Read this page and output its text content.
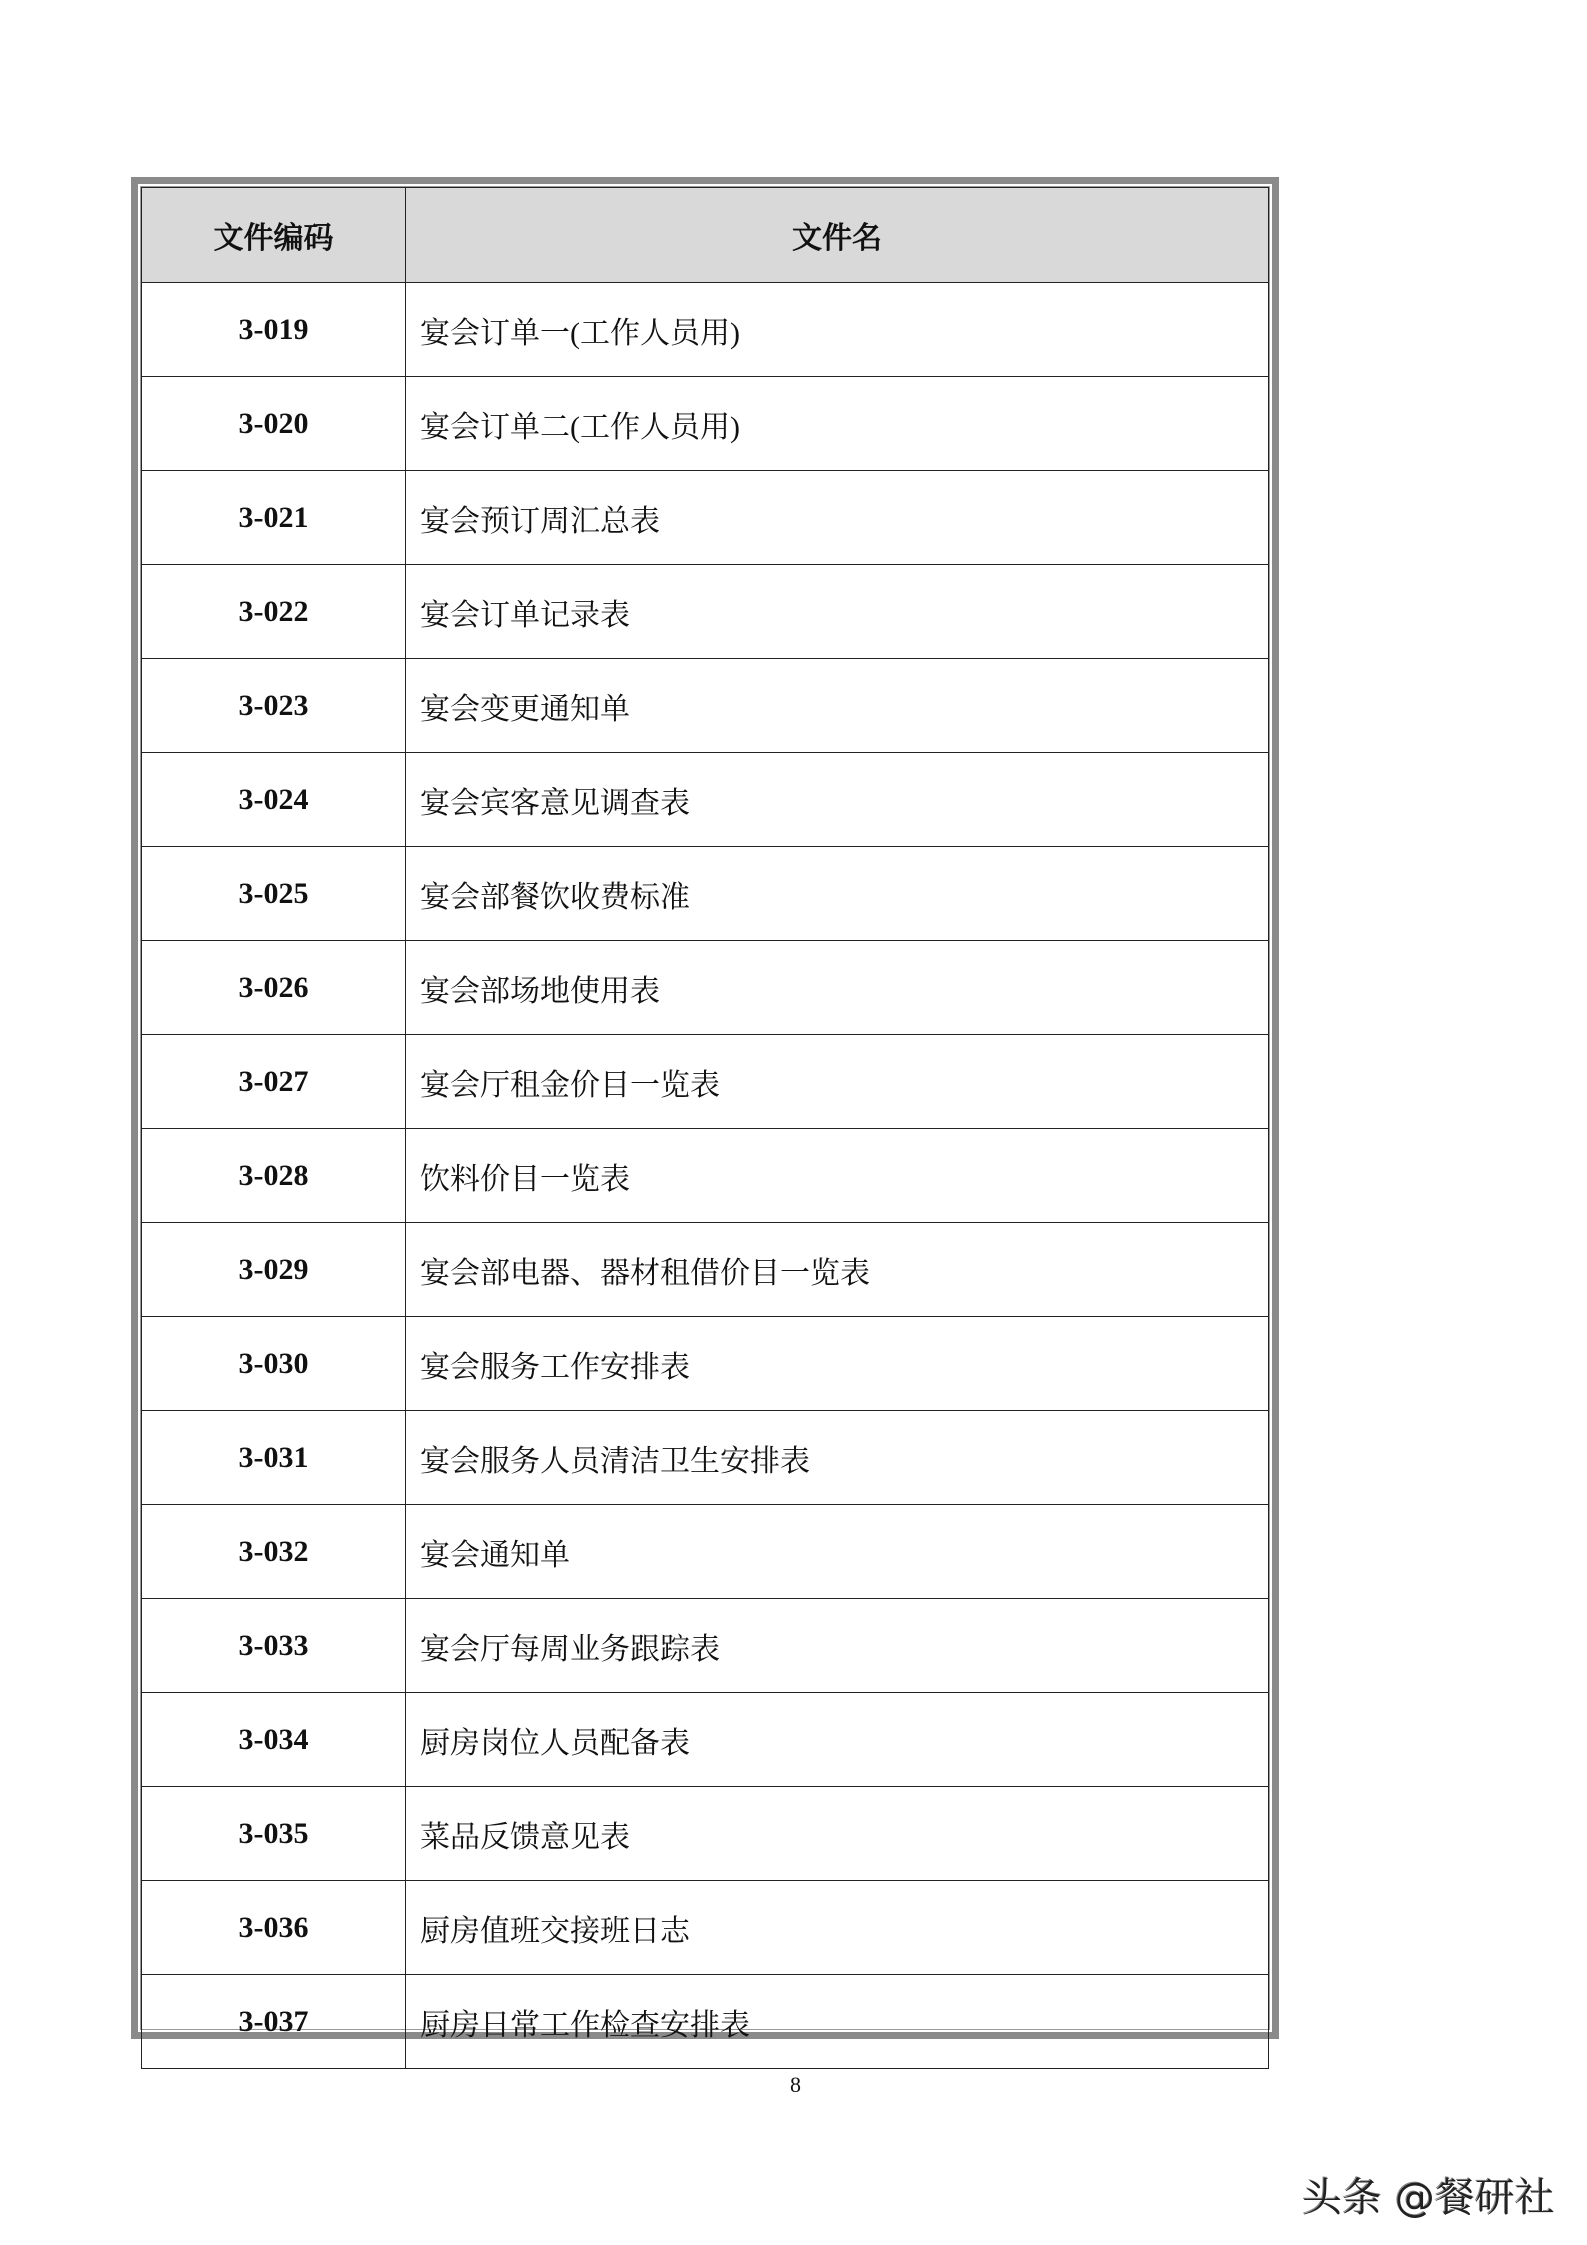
文件编码	文件名
3-019	宴会订单一(工作人员用)
3-020	宴会订单二(工作人员用)
3-021	宴会预订周汇总表
3-022	宴会订单记录表
3-023	宴会变更通知单
3-024	宴会宾客意见调查表
3-025	宴会部餐饮收费标准
3-026	宴会部场地使用表
3-027	宴会厅租金价目一览表
3-028	饮料价目一览表
3-029	宴会部电器、器材租借价目一览表
3-030	宴会服务工作安排表
3-031	宴会服务人员清洁卫生安排表
3-032	宴会通知单
3-033	宴会厅每周业务跟踪表
3-034	厨房岗位人员配备表
3-035	菜品反馈意见表
3-036	厨房值班交接班日志
3-037	厨房日常工作检查安排表
8
头条 @餐研社
